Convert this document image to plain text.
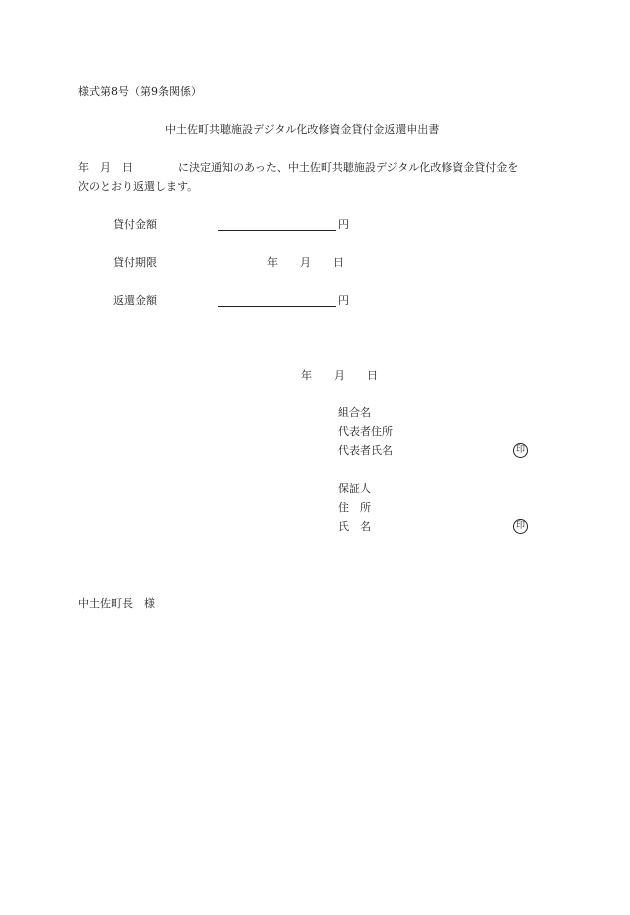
様式第8号（第9条関係）
中土佐町共聴施設デジタル化改修資金貸付金返還申出書
年　月　日	に決定通知のあった、中土佐町共聴施設デジタル化改修資金貸付金を
次のとおり返還します。
貸付金額	円
貸付期限	年　　月　　日
返還金額	円
年　　月　　日
組合名
代表者住所
代表者氏名	印
保証人
住　所
氏　名	印
中土佐町長　様
